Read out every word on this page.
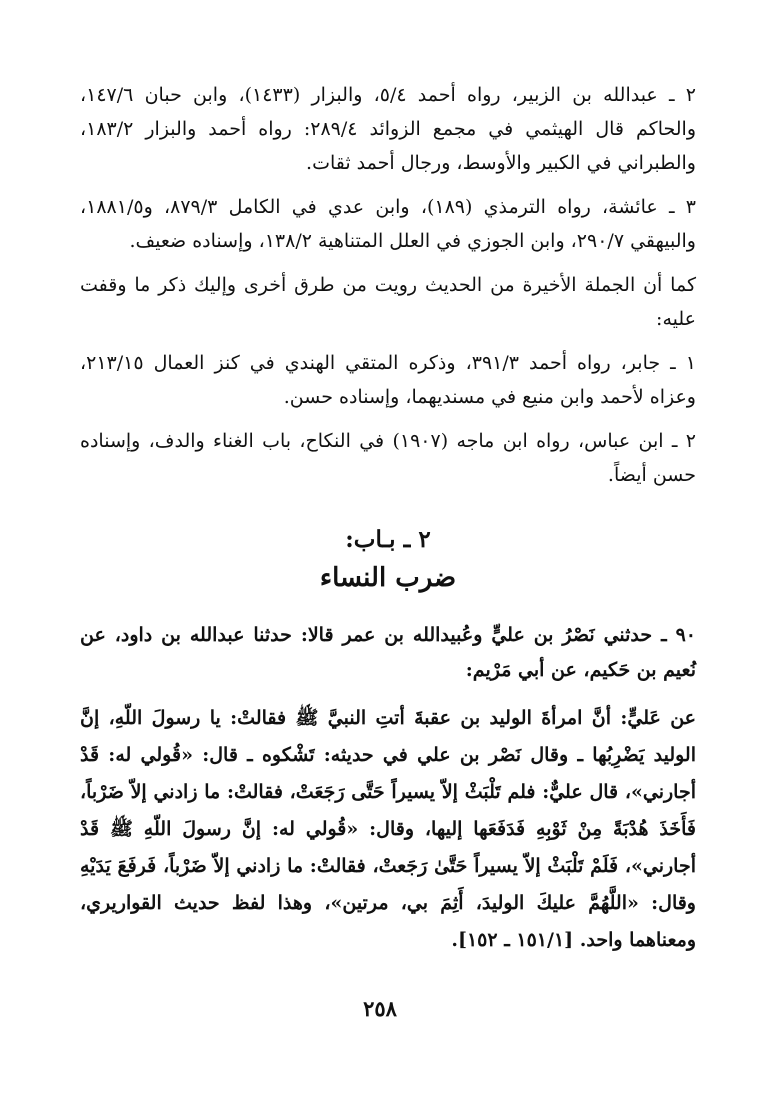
٢ ـ عبدالله بن الزبير، رواه أحمد ٥/٤، والبزار (١٤٣٣)، وابن حبان ١٤٧/٦، والحاكم قال الهيثمي في مجمع الزوائد ٢٨٩/٤: رواه أحمد والبزار ١٨٣/٢، والطبراني في الكبير والأوسط، ورجال أحمد ثقات.

٣ ـ عائشة، رواه الترمذي (١٨٩)، وابن عدي في الكامل ٨٧٩/٣، و١٨٨١/٥، والبيهقي ٢٩٠/٧، وابن الجوزي في العلل المتناهية ١٣٨/٢، وإسناده ضعيف.

كما أن الجملة الأخيرة من الحديث رويت من طرق أخرى وإليك ذكر ما وقفت عليه:

١ ـ جابر، رواه أحمد ٣٩١/٣، وذكره المتقي الهندي في كنز العمال ٢١٣/١٥، وعزاه لأحمد وابن منيع في مسنديهما، وإسناده حسن.

٢ ـ ابن عباس، رواه ابن ماجه (١٩٠٧) في النكاح، باب الغناء والدف، وإسناده حسن أيضاً.

٢ ـ بـاب:
ضرب النساء

٩٠ ـ حدثني نَصْرُ بن عليٍّ وعُبيدالله بن عمر قالا: حدثنا عبدالله بن داود، عن نُعيم بن حَكيم، عن أبي مَرْيم:

عن عَليٍّ: أنَّ امرأةَ الوليد بن عقبةَ أتتِ النبيَّ ﷺ فقالتْ: يا رسولَ اللّهِ، إنَّ الوليد يَضْرِبُها ـ وقال نَصْر بن علي في حديثه: تَشْكوه ـ قال: «قُولي له: قَدْ أجارني»، قال عليٌّ: فلم تَلْبَثْ إلاّ يسيراً حَتَّى رَجَعَتْ، فقالتْ: ما زادني إلاّ ضَرْباً، فَأَخَذَ هُدْبَةً مِنْ ثَوْبِهِ فَدَفَعَها إليها، وقال: «قُولي له: إنَّ رسولَ اللّهِ ﷺ قَدْ أجارني»، فَلَمْ تَلْبَثْ إلاّ يسيراً حَتَّىٰ رَجَعتْ، فقالتْ: ما زادني إلاّ ضَرْباً، فَرفَعَ يَدَيْهِ وقال: «اللَّهُمَّ عليكَ الوليدَ، أَثِمَ بي، مرتين»، وهذا لفظ حديث القواريري، ومعناهما واحد. [١٥١/١ ـ ١٥٢].

٢٥٨
